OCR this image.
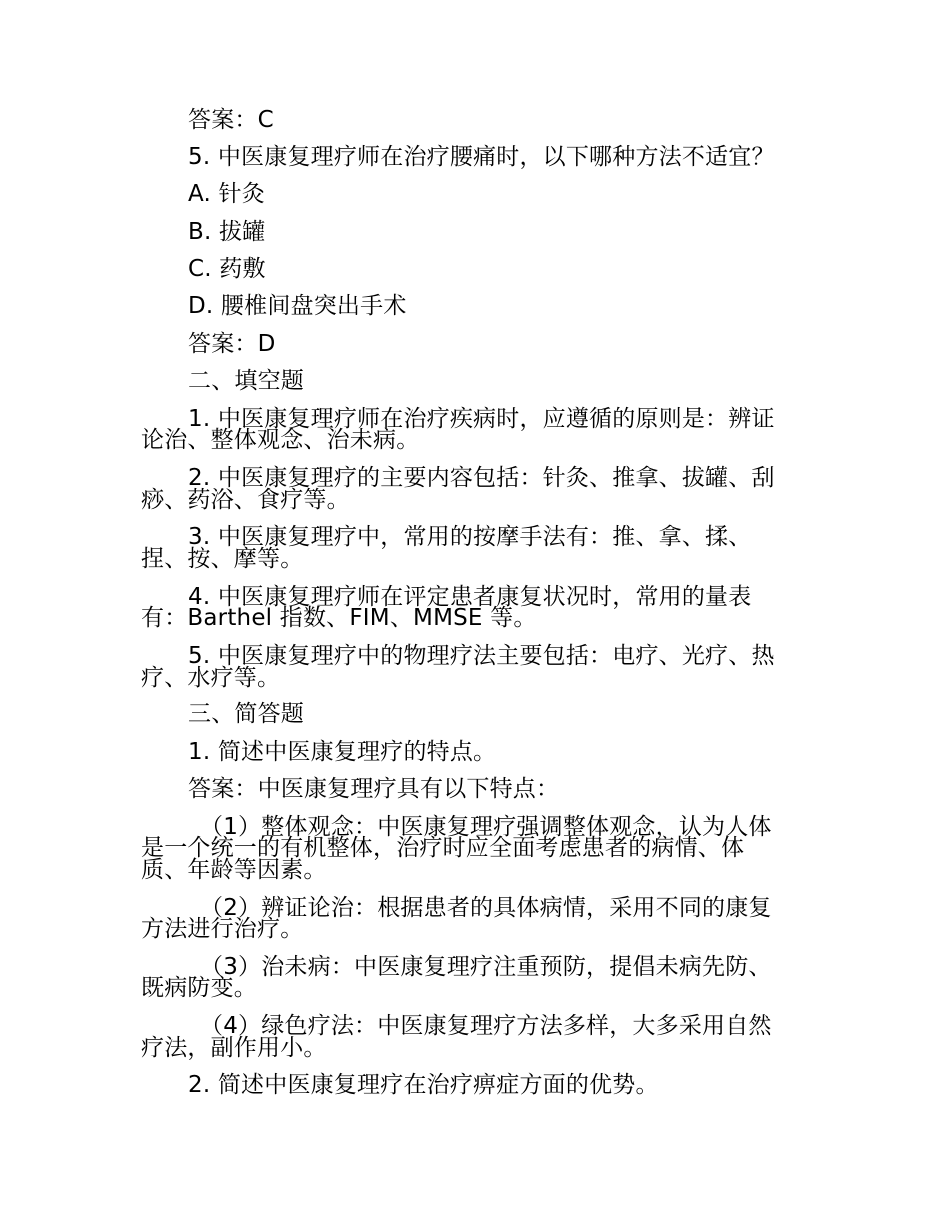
答案：C

5. 中医康复理疗师在治疗腰痛时，以下哪种方法不适宜？

A. 针灸

B. 拔罐

C. 药敷

D. 腰椎间盘突出手术

答案：D

二、填空题

1. 中医康复理疗师在治疗疾病时，应遵循的原则是：辨证

论治、整体观念、治未病。

2. 中医康复理疗的主要内容包括：针灸、推拿、拔罐、刮

痧、药浴、食疗等。

3. 中医康复理疗中，常用的按摩手法有：推、拿、揉、

捏、按、摩等。

4. 中医康复理疗师在评定患者康复状况时，常用的量表

有：Barthel 指数、FIM、MMSE 等。

5. 中医康复理疗中的物理疗法主要包括：电疗、光疗、热

疗、水疗等。

三、简答题

1. 简述中医康复理疗的特点。

答案：中医康复理疗具有以下特点：

（1）整体观念：中医康复理疗强调整体观念，认为人体

是一个统一的有机整体，治疗时应全面考虑患者的病情、体

质、年龄等因素。

（2）辨证论治：根据患者的具体病情，采用不同的康复

方法进行治疗。

（3）治未病：中医康复理疗注重预防，提倡未病先防、

既病防变。

（4）绿色疗法：中医康复理疗方法多样，大多采用自然

疗法，副作用小。

2. 简述中医康复理疗在治疗痹症方面的优势。
